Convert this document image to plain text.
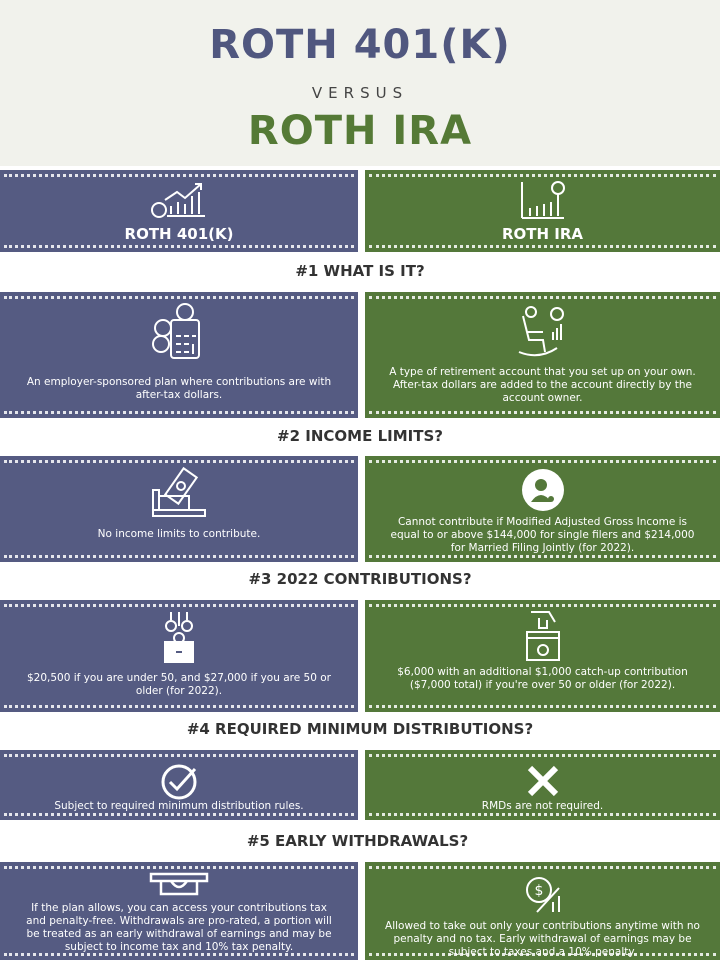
ROTH 401(K)
VERSUS
ROTH IRA
ROTH 401(K)	ROTH IRA
#1 WHAT IS IT?
An employer-sponsored plan where contributions are with after-tax dollars.
A type of retirement account that you set up on your own. After-tax dollars are added to the account directly by the account owner.
#2 INCOME LIMITS?
No income limits to contribute.
Cannot contribute if Modified Adjusted Gross Income is equal to or above $144,000 for single filers and $214,000 for Married Filing Jointly (for 2022).
#3 2022 CONTRIBUTIONS?
$20,500 if you are under 50, and $27,000 if you are 50 or older (for 2022).
$6,000 with an additional $1,000 catch-up contribution ($7,000 total) if you're over 50 or older (for 2022).
#4 REQUIRED MINIMUM DISTRIBUTIONS?
Subject to required minimum distribution rules.	RMDs are not required.
#5 EARLY WITHDRAWALS?
If the plan allows, you can access your contributions tax and penalty-free. Withdrawals are pro-rated, a portion will be treated as an early withdrawal of earnings and may be subject to income tax and 10% tax penalty.
$
Allowed to take out only your contributions anytime with no penalty and no tax. Early withdrawal of earnings may be subject to taxes and a 10% penalty.
